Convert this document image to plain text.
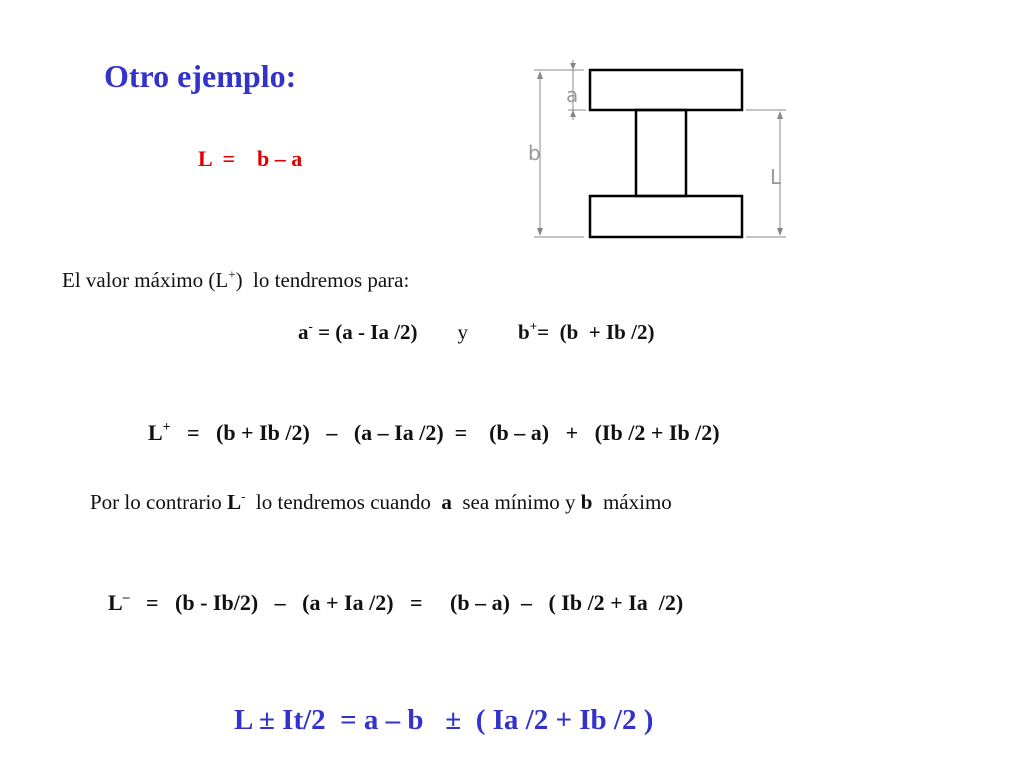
Otro ejemplo:
L  =    b – a	b
a
L
El valor máximo (L+)  lo tendremos para:
a- = (a - Ia /2) y b+=  (b  + Ib /2)
L+   =   (b + Ib /2)   –   (a – Ia /2)  =    (b – a)   +   (Ib /2 + Ib /2)
Por lo contrario L-  lo tendremos cuando  a  sea mínimo y b  máximo
L–   =   (b - Ib/2)   –   (a + Ia /2)   =     (b – a)  –   ( Ib /2 + Ia  /2)
L ± It/2  = a – b   ±  ( Ia /2 + Ib /2 )
